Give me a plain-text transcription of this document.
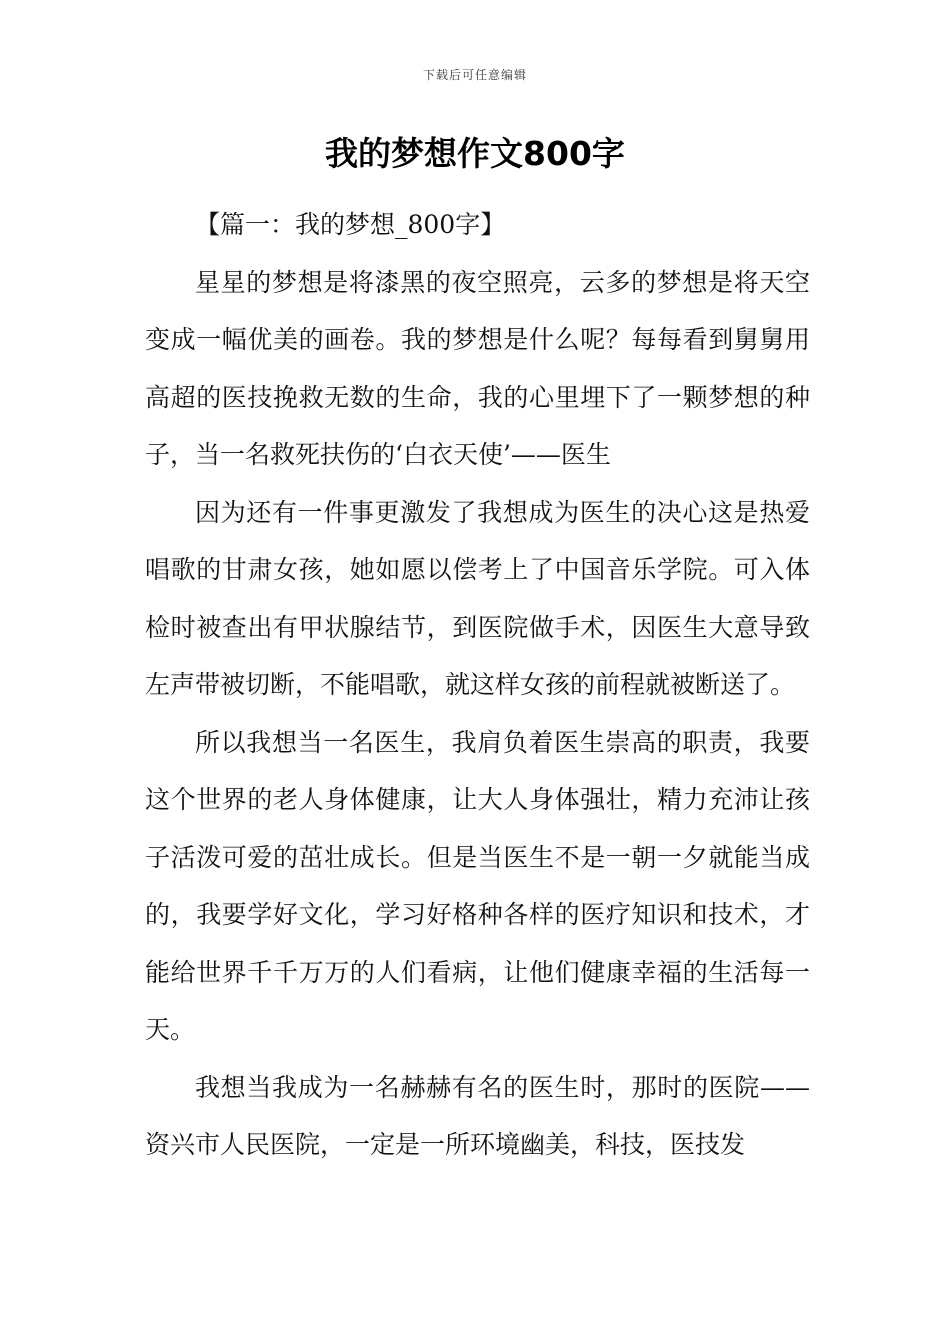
下载后可任意编辑
我的梦想作文800字
【篇一：我的梦想_800字】

星星的梦想是将漆黑的夜空照亮，云多的梦想是将天空变成一幅优美的画卷。我的梦想是什么呢？每每看到舅舅用高超的医技挽救无数的生命，我的心里埋下了一颗梦想的种子，当一名救死扶伤的‘白衣天使’——医生

因为还有一件事更激发了我想成为医生的决心这是热爱唱歌的甘肃女孩，她如愿以偿考上了中国音乐学院。可入体检时被查出有甲状腺结节，到医院做手术，因医生大意导致左声带被切断，不能唱歌，就这样女孩的前程就被断送了。

所以我想当一名医生，我肩负着医生崇高的职责，我要这个世界的老人身体健康，让大人身体强壮，精力充沛让孩子活泼可爱的茁壮成长。但是当医生不是一朝一夕就能当成的，我要学好文化，学习好格种各样的医疗知识和技术，才能给世界千千万万的人们看病，让他们健康幸福的生活每一天。

我想当我成为一名赫赫有名的医生时，那时的医院——资兴市人民医院，一定是一所环境幽美，科技，医技发
